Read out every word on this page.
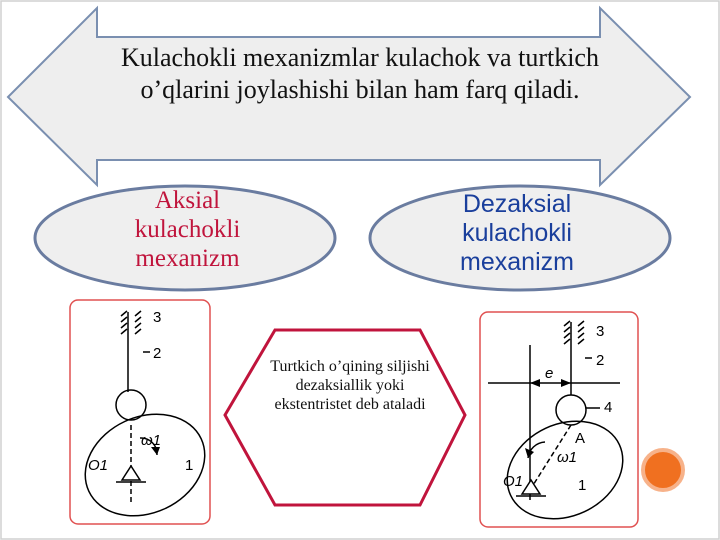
3
2
ω1
O1	1
3
2
e
4
A
ω1
O1	1
Kulachokli mexanizmlar kulachok va turtkich o’qlarini joylashishi bilan ham farq qiladi.
Aksial kulachokli mexanizm
Dezaksial kulachokli mexanizm
Turtkich o’qining siljishi dezaksiallik yoki ekstentristet deb ataladi
